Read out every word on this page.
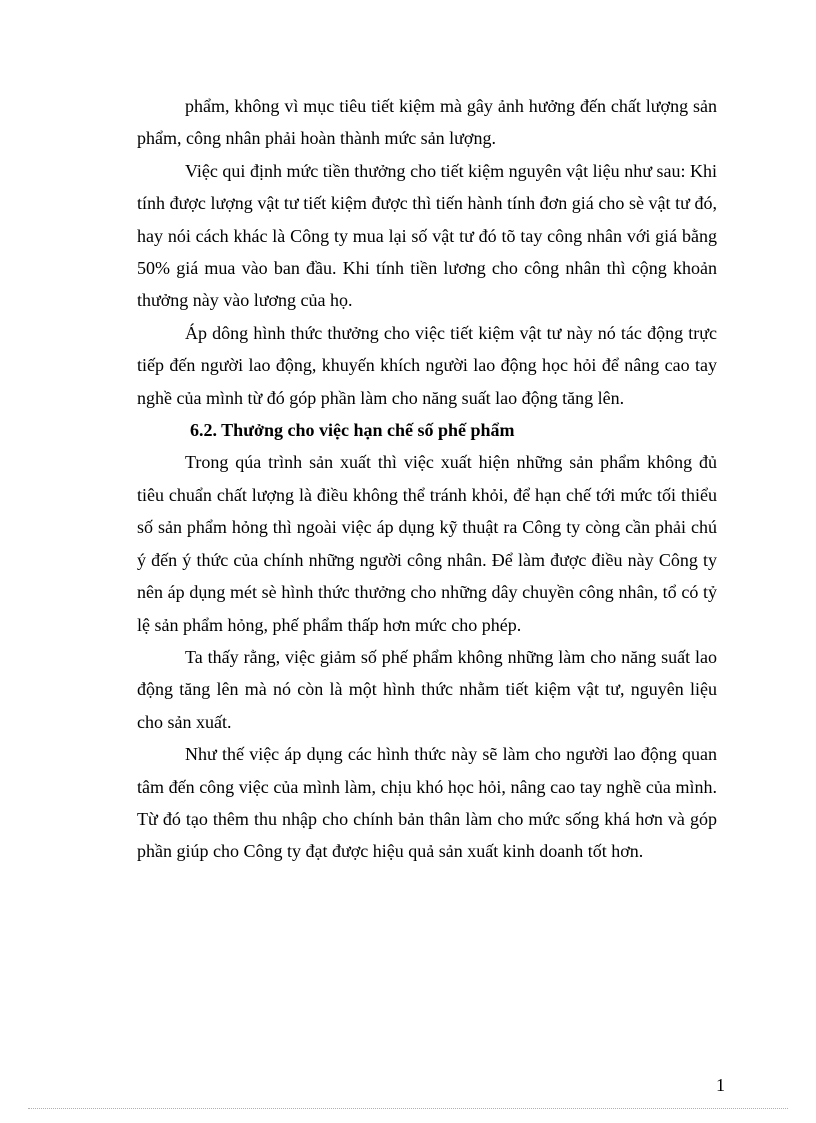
phẩm, không vì mục tiêu tiết kiệm mà gây ảnh hưởng đến chất lượng sản phẩm, công nhân phải hoàn thành mức sản lượng.

Việc qui định mức tiền thưởng cho tiết kiệm nguyên vật liệu như sau: Khi tính được lượng vật tư tiết kiệm được thì tiến hành tính đơn giá cho sè vật tư đó, hay nói cách khác là Công ty mua lại số vật tư đó tõ tay công nhân với giá bằng 50% giá mua vào ban đầu. Khi tính tiền lương cho công nhân thì cộng khoản thưởng này vào lương của họ.

Áp dông hình thức thưởng cho việc tiết kiệm vật tư này nó tác động trực tiếp đến người lao động, khuyến khích người lao động học hỏi để nâng cao tay nghề của mình từ đó góp phần làm cho năng suất lao động tăng lên.

6.2. Thưởng cho việc hạn chế số phế phẩm

Trong qúa trình sản xuất thì việc xuất hiện những sản phẩm không đủ tiêu chuẩn chất lượng là điều không thể tránh khỏi, để hạn chế tới mức tối thiểu số sản phẩm hỏng thì ngoài việc áp dụng kỹ thuật ra Công ty còng cần phải chú ý đến ý thức của chính những người công nhân. Để làm được điều này Công ty nên áp dụng mét sè hình thức thưởng cho những dây chuyền công nhân, tổ có tỷ lệ sản phẩm hỏng, phế phẩm thấp hơn mức cho phép.

Ta thấy rằng, việc giảm số phế phẩm không những làm cho năng suất lao động tăng lên mà nó còn là một hình thức nhằm tiết kiệm vật tư, nguyên liệu cho sản xuất.

Như thế việc áp dụng các hình thức này sẽ làm cho người lao động quan tâm đến công việc của mình làm, chịu khó học hỏi, nâng cao tay nghề của mình. Từ đó tạo thêm thu nhập cho chính bản thân làm cho mức sống khá hơn và góp phần giúp cho Công ty đạt được hiệu quả sản xuất kinh doanh tốt hơn.

1
